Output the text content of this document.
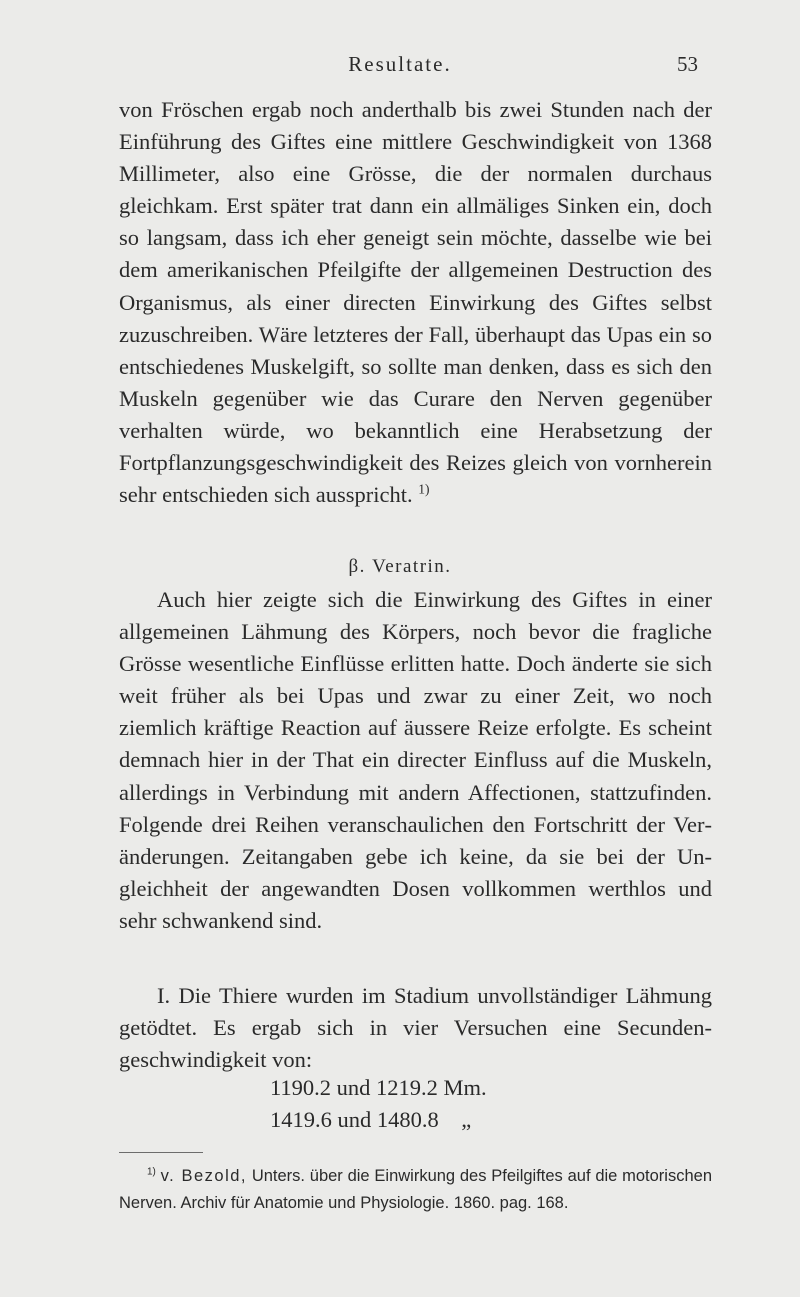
Resultate.	53
von Fröschen ergab noch anderthalb bis zwei Stunden nach der Einführung des Giftes eine mittlere Geschwindigkeit von 1368 Millimeter, also eine Grösse, die der normalen durchaus gleichkam. Erst später trat dann ein allmäliges Sinken ein, doch so langsam, dass ich eher geneigt sein möchte, dasselbe wie bei dem amerikanischen Pfeilgifte der allgemeinen Destruction des Organismus, als einer directen Einwirkung des Giftes selbst zuzuschreiben. Wäre letzteres der Fall, überhaupt das Upas ein so entschiedenes Muskelgift, so sollte man denken, dass es sich den Muskeln gegenüber wie das Curare den Nerven gegenüber verhalten würde, wo bekanntlich eine Herabsetzung der Fortpflanzungsgeschwindigkeit des Reizes gleich von vornherein sehr entschieden sich ausspricht. $^{1)}$
β. Veratrin.
Auch hier zeigte sich die Einwirkung des Giftes in einer allgemeinen Lähmung des Körpers, noch bevor die fragliche Grösse wesentliche Einflüsse erlitten hatte. Doch änderte sie sich weit früher als bei Upas und zwar zu einer Zeit, wo noch ziemlich kräftige Reaction auf äussere Reize erfolgte. Es scheint demnach hier in der That ein directer Einfluss auf die Muskeln, allerdings in Verbindung mit andern Affectionen, stattzufinden. Folgende drei Reihen veranschaulichen den Fortschritt der Veränderungen. Zeitangaben gebe ich keine, da sie bei der Ungleichheit der angewandten Dosen vollkommen werthlos und sehr schwankend sind.
I. Die Thiere wurden im Stadium unvollständiger Lähmung getödtet. Es ergab sich in vier Versuchen eine Secundengeschwindigkeit von:
1190.2 und 1219.2 Mm.
1419.6 und 1480.8    „
$^{1)}$ v. Bezold, Unters. über die Einwirkung des Pfeilgiftes auf die motorischen Nerven. Archiv für Anatomie und Physiologie. 1860. pag. 168.
